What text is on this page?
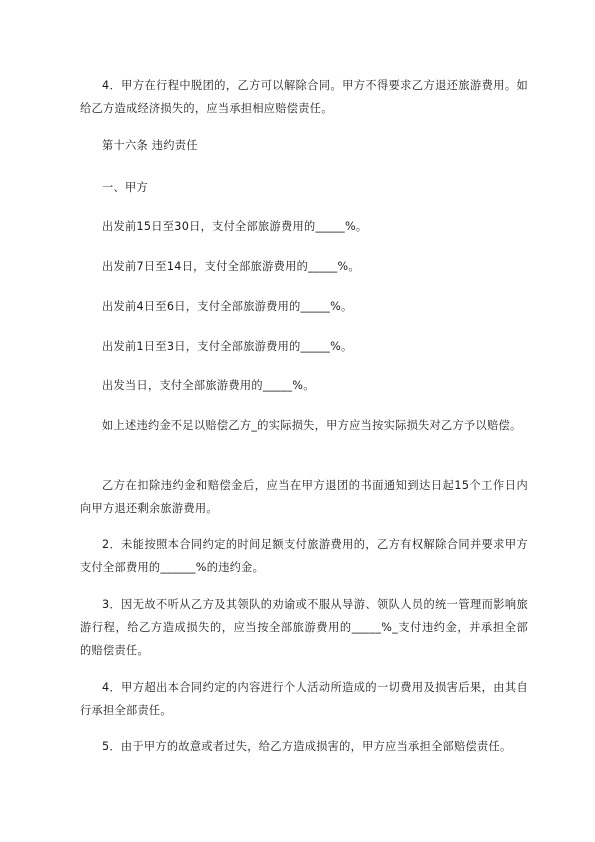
4．甲方在行程中脱团的，乙方可以解除合同。甲方不得要求乙方退还旅游费用。如给乙方造成经济损失的，应当承担相应赔偿责任。

第十六条 违约责任

一、甲方

出发前15日至30日，支付全部旅游费用的_____%。

出发前7日至14日，支付全部旅游费用的_____%。

出发前4日至6日，支付全部旅游费用的_____%。

出发前1日至3日，支付全部旅游费用的_____%。

出发当日，支付全部旅游费用的_____%。

如上述违约金不足以赔偿乙方_的实际损失，甲方应当按实际损失对乙方予以赔偿。

乙方在扣除违约金和赔偿金后，应当在甲方退团的书面通知到达日起15个工作日内向甲方退还剩余旅游费用。

2．未能按照本合同约定的时间足额支付旅游费用的，乙方有权解除合同并要求甲方支付全部费用的______%的违约金。

3．因无故不听从乙方及其领队的劝谕或不服从导游、领队人员的统一管理而影响旅游行程，给乙方造成损失的，应当按全部旅游费用的_____%_支付违约金，并承担全部的赔偿责任。

4．甲方超出本合同约定的内容进行个人活动所造成的一切费用及损害后果，由其自行承担全部责任。

5．由于甲方的故意或者过失，给乙方造成损害的，甲方应当承担全部赔偿责任。
